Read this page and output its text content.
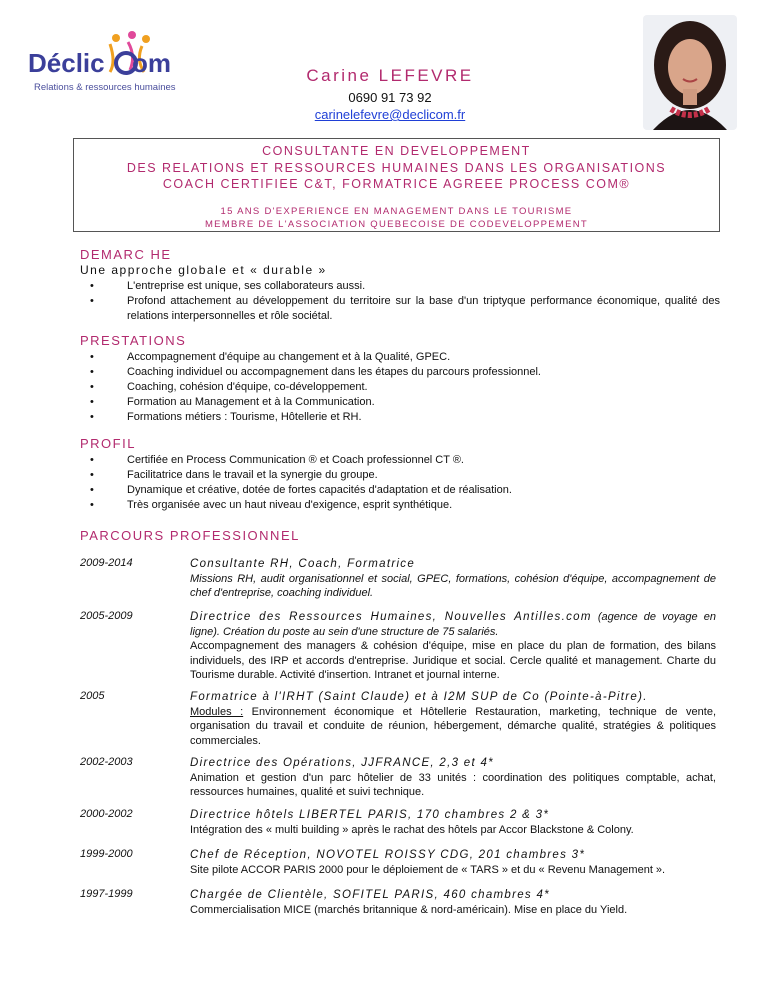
Déclic om
Relations & ressources humaines
Carine LEFEVRE
0690 91 73 92
carinelefevre@declicom.fr
CONSULTANTE EN DEVELOPPEMENT
DES RELATIONS ET RESSOURCES HUMAINES DANS LES ORGANISATIONS
COACH CERTIFIEE C&T, FORMATRICE AGREEE PROCESS COM®
15 ANS D'EXPERIENCE EN MANAGEMENT DANS LE TOURISME
MEMBRE DE L'ASSOCIATION QUEBECOISE DE CODEVELOPPEMENT
DEMARC HE
Une approche globale et « durable »
• L'entreprise est unique, ses collaborateurs aussi.
• Profond attachement au développement du territoire sur la base d'un triptyque performance économique, qualité des relations interpersonnelles et rôle sociétal.
PRESTATIONS
• Accompagnement d'équipe au changement et à la Qualité, GPEC.
• Coaching individuel ou accompagnement dans les étapes du parcours professionnel.
• Coaching, cohésion d'équipe, co-développement.
• Formation au Management et à la Communication.
• Formations métiers : Tourisme, Hôtellerie et RH.
PROFIL
• Certifiée en Process Communication ® et Coach professionnel CT ®.
• Facilitatrice dans le travail et la synergie du groupe.
• Dynamique et créative, dotée de fortes capacités d'adaptation et de réalisation.
• Très organisée avec un haut niveau d'exigence, esprit synthétique.
PARCOURS PROFESSIONNEL
2009-2014	Consultante RH, Coach, Formatrice
Missions RH, audit organisationnel et social, GPEC, formations, cohésion d'équipe, accompagnement de chef d'entreprise, coaching individuel.
2005-2009	Directrice des Ressources Humaines, Nouvelles Antilles.com (agence de voyage en ligne). Création du poste au sein d'une structure de 75 salariés.
Accompagnement des managers & cohésion d'équipe, mise en place du plan de formation, des bilans individuels, des IRP et accords d'entreprise. Juridique et social. Cercle qualité et management. Charte du Tourisme durable. Activité d'insertion. Intranet et journal interne.
2005	Formatrice à l'IRHT (Saint Claude) et à I2M SUP de Co (Pointe-à-Pitre).
Modules : Environnement économique et Hôtellerie Restauration, marketing, technique de vente, organisation du travail et conduite de réunion, hébergement, démarche qualité, stratégies & politiques commerciales.
2002-2003	Directrice des Opérations, JJFRANCE, 2,3 et 4*
Animation et gestion d'un parc hôtelier de 33 unités : coordination des politiques comptable, achat, ressources humaines, qualité et suivi technique.
2000-2002	Directrice hôtels LIBERTEL PARIS, 170 chambres 2 & 3*
Intégration des « multi building » après le rachat des hôtels par Accor Blackstone & Colony.
1999-2000	Chef de Réception, NOVOTEL ROISSY CDG, 201 chambres 3*
Site pilote ACCOR PARIS 2000 pour le déploiement de « TARS » et du « Revenu Management ».
1997-1999	Chargée de Clientèle, SOFITEL PARIS, 460 chambres 4*
Commercialisation MICE (marchés britannique & nord-américain). Mise en place du Yield.
